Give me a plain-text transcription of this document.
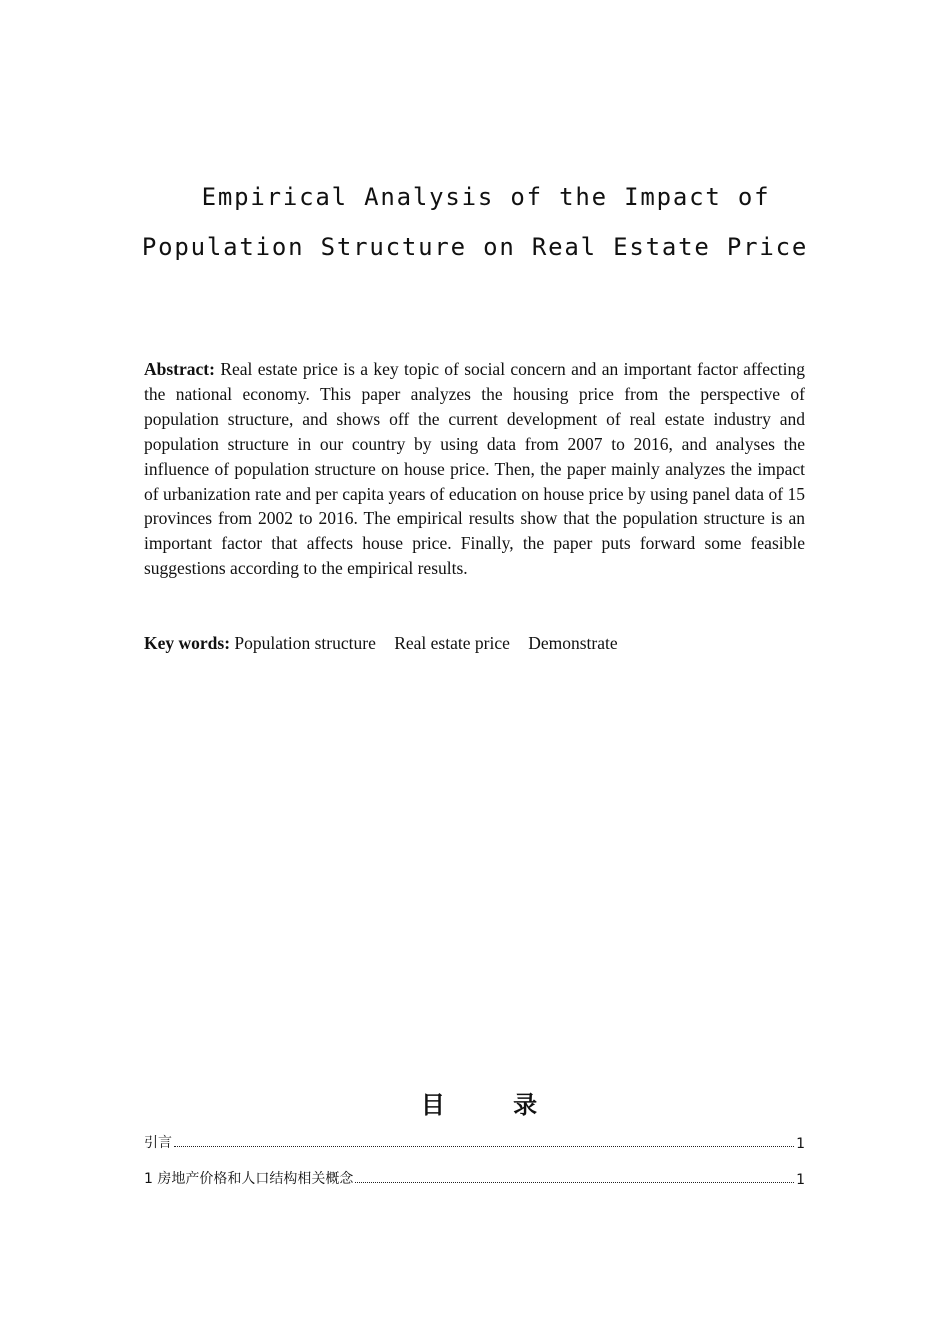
Empirical Analysis of the Impact of
Population Structure on Real Estate Price
Abstract: Real estate price is a key topic of social concern and an important factor affecting the national economy. This paper analyzes the housing price from the perspective of population structure, and shows off the current development of real estate industry and population structure in our country by using data from 2007 to 2016, and analyses the influence of population structure on house price. Then, the paper mainly analyzes the impact of urbanization rate and per capita years of education on house price by using panel data of 15 provinces from 2002 to 2016. The empirical results show that the population structure is an important factor that affects house price. Finally, the paper puts forward some feasible suggestions according to the empirical results.
Key words: Population structure Real estate price Demonstrate
目	录
引言	1
1 房地产价格和人口结构相关概念	1
